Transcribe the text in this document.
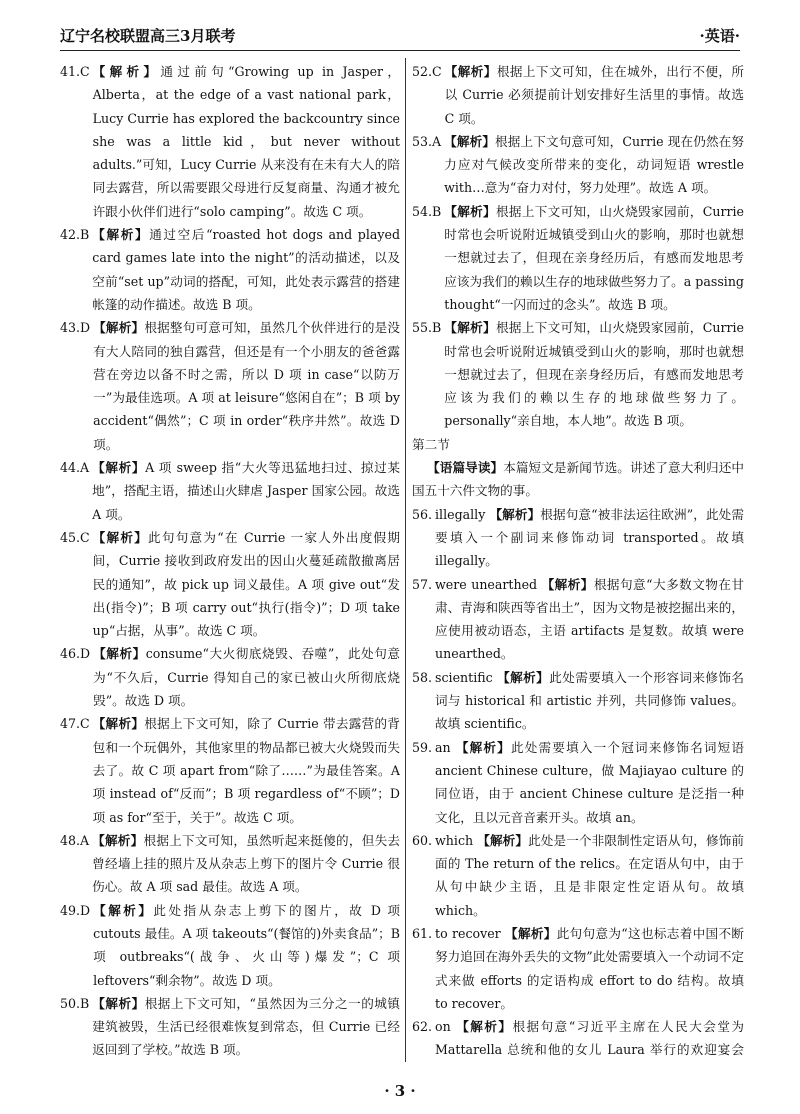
辽宁名校联盟高三3月联考	·英语·
41.C 【解析】通过前句“Growing up in Jasper，Alberta，at the edge of a vast national park，Lucy Currie has explored the backcountry since she was a little kid，but never without adults.”可知，Lucy Currie 从来没有在未有大人的陪同去露营，所以需要跟父母进行反复商量、沟通才被允许跟小伙伴们进行“solo camping”。故选 C 项。
42.B 【解析】通过空后“roasted hot dogs and played card games late into the night”的活动描述，以及空前“set up”动词的搭配，可知，此处表示露营的搭建帐篷的动作描述。故选 B 项。
43.D 【解析】根据整句可意可知，虽然几个伙伴进行的是没有大人陪同的独自露营，但还是有一个小朋友的爸爸露营在旁边以备不时之需，所以 D 项 in case“以防万一”为最佳选项。A 项 at leisure“悠闲自在”；B 项 by accident“偶然”；C 项 in order“秩序井然”。故选 D 项。
44.A 【解析】A 项 sweep 指“大火等迅猛地扫过、掠过某地”，搭配主语，描述山火肆虐 Jasper 国家公园。故选 A 项。
45.C 【解析】此句句意为“在 Currie 一家人外出度假期间，Currie 接收到政府发出的因山火蔓延疏散撤离居民的通知”，故 pick up 词义最佳。A 项 give out“发出(指令)”；B 项 carry out“执行(指令)”；D 项 take up“占据，从事”。故选 C 项。
46.D 【解析】consume“大火彻底烧毁、吞噬”，此处句意为“不久后，Currie 得知自己的家已被山火所彻底烧毁”。故选 D 项。
47.C 【解析】根据上下文可知，除了 Currie 带去露营的背包和一个玩偶外，其他家里的物品都已被大火烧毁而失去了。故 C 项 apart from“除了……”为最佳答案。A 项 instead of“反而”；B 项 regardless of“不顾”；D 项 as for“至于，关于”。故选 C 项。
48.A 【解析】根据上下文可知，虽然听起来挺傻的，但失去曾经墙上挂的照片及从杂志上剪下的图片令 Currie 很伤心。故 A 项 sad 最佳。故选 A 项。
49.D 【解析】此处指从杂志上剪下的图片，故 D 项 cutouts 最佳。A 项 takeouts“(餐馆的)外卖食品”；B 项 outbreaks“(战争、火山等)爆发”；C 项 leftovers“剩余物”。故选 D 项。
50.B 【解析】根据上下文可知，“虽然因为三分之一的城镇建筑被毁，生活已经很难恢复到常态，但 Currie 已经返回到了学校。”故选 B 项。
52.C 【解析】根据上下文可知，住在城外，出行不便，所以 Currie 必须提前计划安排好生活里的事情。故选 C 项。
53.A 【解析】根据上下文句意可知，Currie 现在仍然在努力应对气候改变所带来的变化，动词短语 wrestle with…意为“奋力对付，努力处理”。故选 A 项。
54.B 【解析】根据上下文可知，山火烧毁家园前，Currie 时常也会听说附近城镇受到山火的影响，那时也就想一想就过去了，但现在亲身经历后，有感而发地思考应该为我们的赖以生存的地球做些努力了。a passing thought“一闪而过的念头”。故选 B 项。
55.B 【解析】根据上下文可知，山火烧毁家园前，Currie 时常也会听说附近城镇受到山火的影响，那时也就想一想就过去了，但现在亲身经历后，有感而发地思考应该为我们的赖以生存的地球做些努力了。personally“亲自地，本人地”。故选 B 项。

第二节

【语篇导读】本篇短文是新闻节选。讲述了意大利归还中国五十六件文物的事。

56. illegally 【解析】根据句意“被非法运往欧洲”，此处需要填入一个副词来修饰动词 transported。故填 illegally。
57. were unearthed 【解析】根据句意“大多数文物在甘肃、青海和陕西等省出土”，因为文物是被挖掘出来的，应使用被动语态，主语 artifacts 是复数。故填 were unearthed。
58. scientific 【解析】此处需要填入一个形容词来修饰名词与 historical 和 artistic 并列，共同修饰 values。故填 scientific。
59. an 【解析】此处需要填入一个冠词来修饰名词短语 ancient Chinese culture，做 Majiayao culture 的同位语，由于 ancient Chinese culture 是泛指一种文化，且以元音音素开头。故填 an。
60. which 【解析】此处是一个非限制性定语从句，修饰前面的 The return of the relics。在定语从句中，由于从句中缺少主语，且是非限定性定语从句。故填 which。
61. to recover 【解析】此句句意为“这也标志着中国不断努力追回在海外丢失的文物”此处需要填入一个动词不定式来做 efforts 的定语构成 effort to do 结构。故填 to recover。
62. on 【解析】根据句意“习近平主席在人民大会堂为 Mattarella 总统和他的女儿 Laura 举行的欢迎宴会
· 3 ·
